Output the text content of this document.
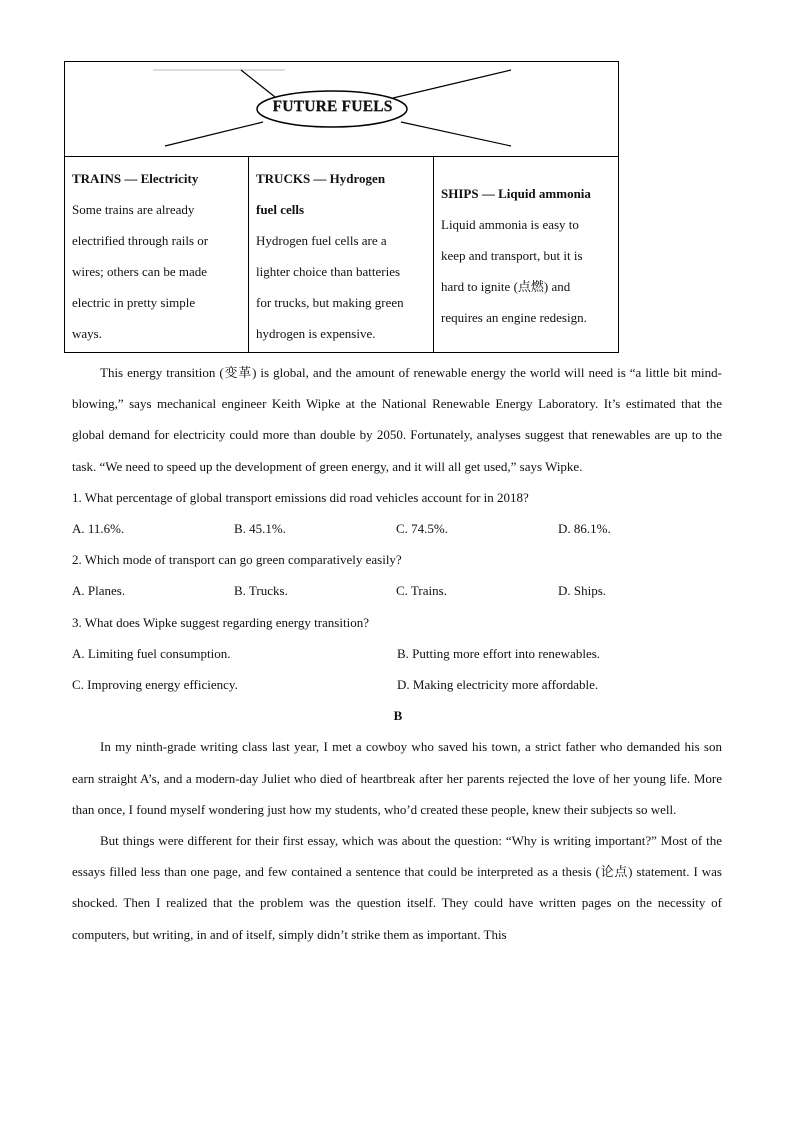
FUTURE FUELS
TRAINS — Electricity
Some trains are already
electrified through rails or
wires; others can be made
electric in pretty simple
ways.
TRUCKS — Hydrogen
fuel cells
Hydrogen fuel cells are a
lighter choice than batteries
for trucks, but making green
hydrogen is expensive.
SHIPS — Liquid ammonia
Liquid ammonia is easy to
keep and transport, but it is
hard to ignite (点燃) and
requires an engine redesign.

This energy transition (变革) is global, and the amount of renewable energy the world will need is “a little bit mind-blowing,” says mechanical engineer Keith Wipke at the National Renewable Energy Laboratory. It’s estimated that the global demand for electricity could more than double by 2050. Fortunately, analyses suggest that renewables are up to the task. “We need to speed up the development of green energy, and it will all get used,” says Wipke.

1. What percentage of global transport emissions did road vehicles account for in 2018?

A. 11.6%.	B. 45.1%.	C. 74.5%.	D. 86.1%.

2. Which mode of transport can go green comparatively easily?

A. Planes.	B. Trucks.	C. Trains.	D. Ships.

3. What does Wipke suggest regarding energy transition?

A. Limiting fuel consumption.	B. Putting more effort into renewables.
C. Improving energy efficiency.	D. Making electricity more affordable.

B

In my ninth-grade writing class last year, I met a cowboy who saved his town, a strict father who demanded his son earn straight A’s, and a modern-day Juliet who died of heartbreak after her parents rejected the love of her young life. More than once, I found myself wondering just how my students, who’d created these people, knew their subjects so well.

But things were different for their first essay, which was about the question: “Why is writing important?” Most of the essays filled less than one page, and few contained a sentence that could be interpreted as a thesis (论点) statement. I was shocked. Then I realized that the problem was the question itself. They could have written pages on the necessity of computers, but writing, in and of itself, simply didn’t strike them as important. This
